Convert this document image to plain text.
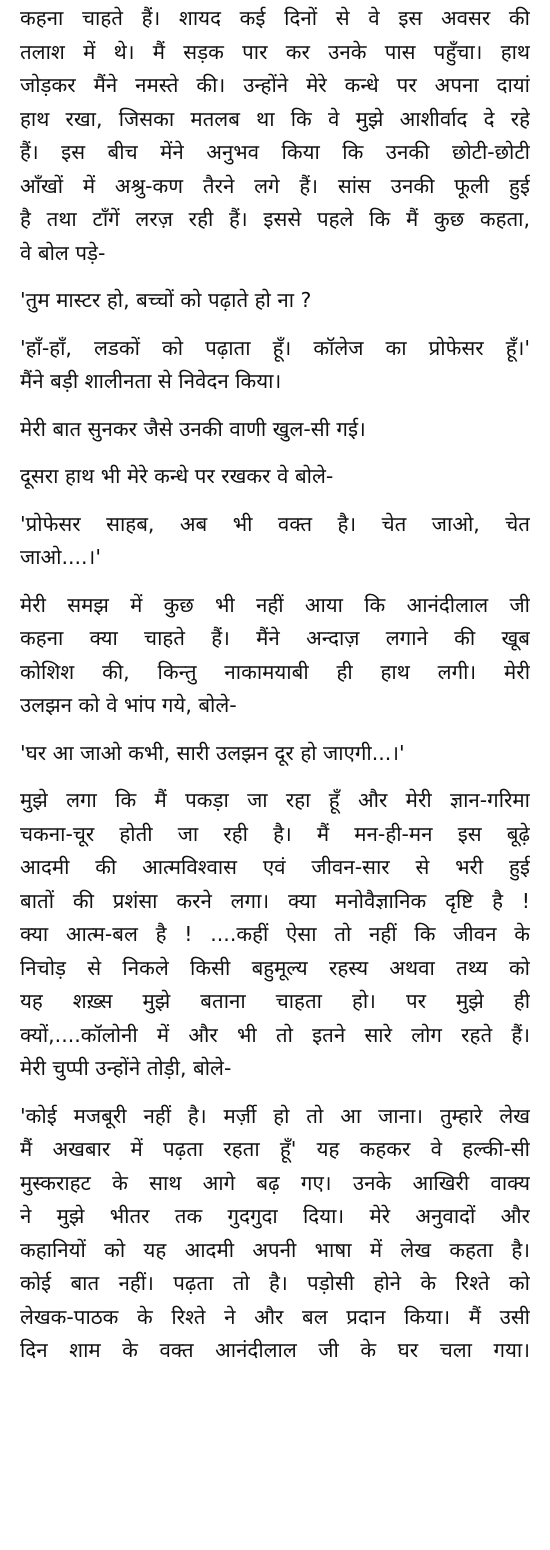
कहना चाहते हैं। शायद कई दिनों से वे इस अवसर की
तलाश में थे। मैं सड़क पार कर उनके पास पहुँचा। हाथ
जोड़कर मैंने नमस्ते की। उन्होंने मेरे कन्धे पर अपना दायां
हाथ रखा, जिसका मतलब था कि वे मुझे आशीर्वाद दे रहे
हैं। इस बीच मेंने अनुभव किया कि उनकी छोटी-छोटी
आँखों में अश्रु-कण तैरने लगे हैं। सांस उनकी फूली हुई
है तथा टाँगें लरज़ रही हैं। इससे पहले कि मैं कुछ कहता,
वे बोल पड़े-

'तुम मास्टर हो, बच्चों को पढ़ाते हो ना ?

'हाँ-हाँ, लडकों को पढ़ाता हूँ। कॉलेज का प्रोफेसर हूँ।'
मैंने बड़ी शालीनता से निवेदन किया।

मेरी बात सुनकर जैसे उनकी वाणी खुल-सी गई।

दूसरा हाथ भी मेरे कन्धे पर रखकर वे बोले-

'प्रोफेसर साहब, अब भी वक्त है। चेत जाओ, चेत
जाओ....।'

मेरी समझ में कुछ भी नहीं आया कि आनंदीलाल जी
कहना क्या चाहते हैं। मैंने अन्दाज़ लगाने की खूब
कोशिश की, किन्तु नाकामयाबी ही हाथ लगी। मेरी
उलझन को वे भांप गये, बोले-

'घर आ जाओ कभी, सारी उलझन दूर हो जाएगी...।'

मुझे लगा कि मैं पकड़ा जा रहा हूँ और मेरी ज्ञान-गरिमा
चकना-चूर होती जा रही है। मैं मन-ही-मन इस बूढ़े
आदमी की आत्मविश्वास एवं जीवन-सार से भरी हुई
बातों की प्रशंसा करने लगा। क्या मनोवैज्ञानिक दृष्टि है !
क्या आत्म-बल है ! ....कहीं ऐसा तो नहीं कि जीवन के
निचोड़ से निकले किसी बहुमूल्य रहस्य अथवा तथ्य को
यह शख़्स मुझे बताना चाहता हो। पर मुझे ही
क्यों,....कॉलोनी में और भी तो इतने सारे लोग रहते हैं।
मेरी चुप्पी उन्होंने तोड़ी, बोले-

'कोई मजबूरी नहीं है। मर्ज़ी हो तो आ जाना। तुम्हारे लेख
मैं अखबार में पढ़ता रहता हूँ' यह कहकर वे हल्की-सी
मुस्कराहट के साथ आगे बढ़ गए। उनके आखिरी वाक्य
ने मुझे भीतर तक गुदगुदा दिया। मेरे अनुवादों और
कहानियों को यह आदमी अपनी भाषा में लेख कहता है।
कोई बात नहीं। पढ़ता तो है। पड़ोसी होने के रिश्ते को
लेखक-पाठक के रिश्ते ने और बल प्रदान किया। मैं उसी
दिन शाम के वक्त आनंदीलाल जी के घर चला गया।
